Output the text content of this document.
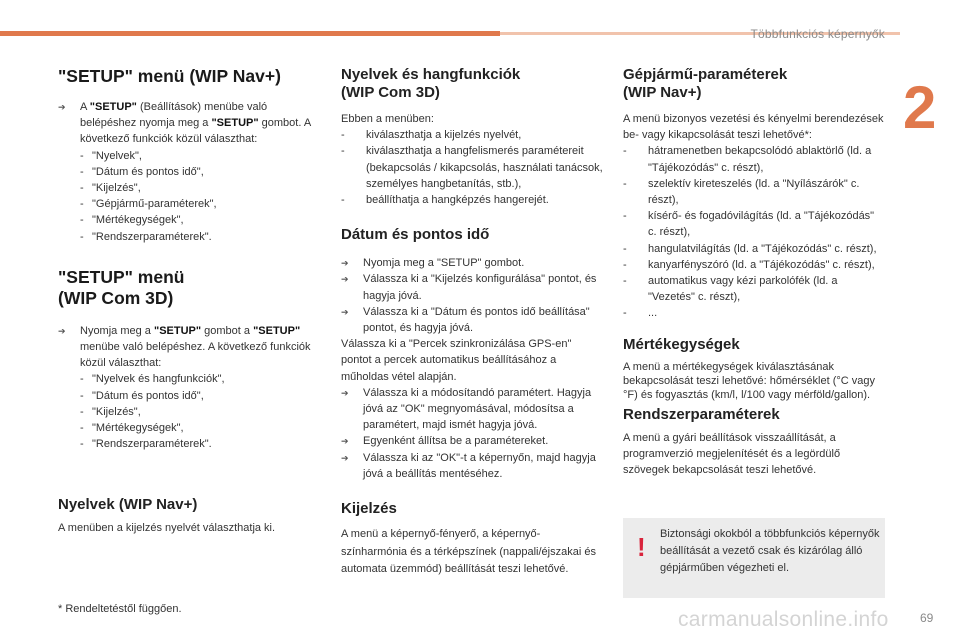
Többfunkciós képernyők
2
69
carmanualsonline.info
"SETUP" menü (WIP Nav+)

➔ A "SETUP" (Beállítások) menübe való belépéshez nyomja meg a "SETUP" gombot. A következő funkciók közül választhat:

- "Nyelvek",
- "Dátum és pontos idő",
- "Kijelzés",
- "Gépjármű-paraméterek",
- "Mértékegységek",
- "Rendszerparaméterek".
"SETUP" menü
(WIP Com 3D)

➔ Nyomja meg a "SETUP" gombot a "SETUP" menübe való belépéshez. A következő funkciók közül választhat:

- "Nyelvek és hangfunkciók",
- "Dátum és pontos idő",
- "Kijelzés",
- "Mértékegységek",
- "Rendszerparaméterek".
Nyelvek (WIP Nav+)

A menüben a kijelzés nyelvét választhatja ki.

* Rendeltetéstől függően.

Nyelvek és hangfunkciók
(WIP Com 3D)

Ebben a menüben:

- kiválaszthatja a kijelzés nyelvét,
- kiválaszthatja a hangfelismerés paramétereit (bekapcsolás / kikapcsolás, használati tanácsok, személyes hangbetanítás, stb.),
- beállíthatja a hangképzés hangerejét.
Dátum és pontos idő

➔ Nyomja meg a "SETUP" gombot.

➔ Válassza ki a "Kijelzés konfigurálása" pontot, és hagyja jóvá.

➔ Válassza ki a "Dátum és pontos idő beállítása" pontot, és hagyja jóvá.

Válassza ki a "Percek szinkronizálása GPS-en" pontot a percek automatikus beállításához a műholdas vétel alapján.

➔ Válassza ki a módosítandó paramétert. Hagyja jóvá az "OK" megnyomásával, módosítsa a paramétert, majd ismét hagyja jóvá.

➔ Egyenként állítsa be a paramétereket.

➔ Válassza ki az "OK"-t a képernyőn, majd hagyja jóvá a beállítás mentéséhez.

Kijelzés

A menü a képernyő-fényerő, a képernyő-színharmónia és a térképszínek (nappali/éjszakai és automata üzemmód) beállítását teszi lehetővé.

Gépjármű-paraméterek
(WIP Nav+)

A menü bizonyos vezetési és kényelmi berendezések be- vagy kikapcsolását teszi lehetővé*:

- hátramenetben bekapcsolódó ablaktörlő (ld. a "Tájékozódás" c. részt),
- szelektív kireteszelés (ld. a "Nyílászárók" c. részt),
- kísérő- és fogadóvilágítás (ld. a "Tájékozódás" c. részt),
- hangulatvilágítás (ld. a "Tájékozódás" c. részt),
- kanyarfényszóró (ld. a "Tájékozódás" c. részt),
- automatikus vagy kézi parkolófék (ld. a "Vezetés" c. részt),
- ...
Mértékegységek

A menü a mértékegységek kiválasztásának bekapcsolását teszi lehetővé: hőmérséklet (°C vagy °F) és fogyasztás (km/l, l/100 vagy mérföld/gallon).

Rendszerparaméterek

A menü a gyári beállítások visszaállítását, a programverzió megjelenítését és a legördülő szövegek bekapcsolását teszi lehetővé.

! Biztonsági okokból a többfunkciós képernyők beállítását a vezető csak és kizárólag álló gépjárműben végezheti el.
